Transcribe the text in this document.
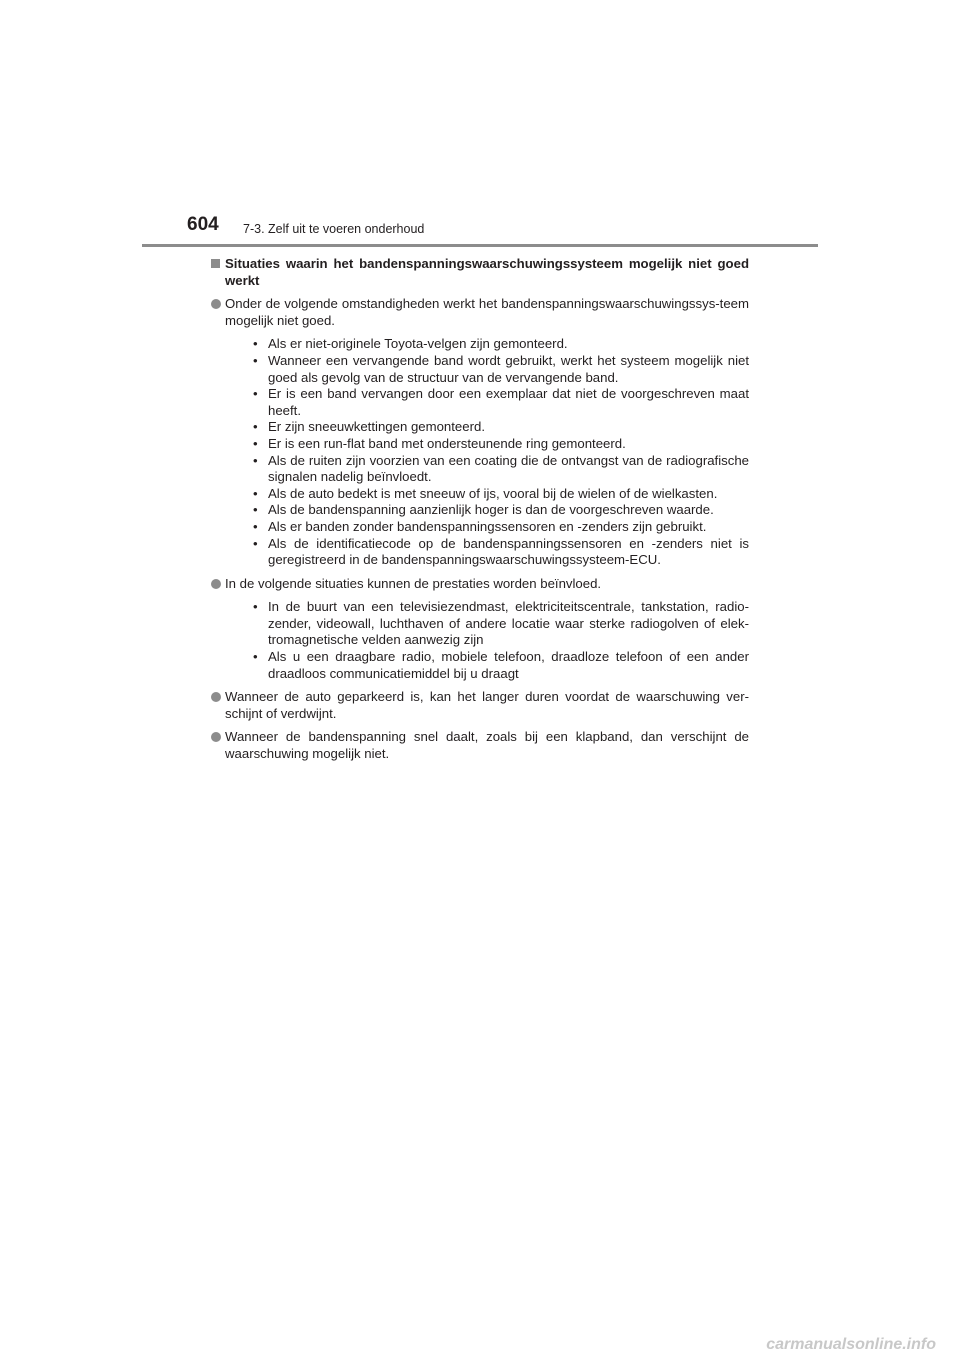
604 7-3. Zelf uit te voeren onderhoud
Situaties waarin het bandenspanningswaarschuwingssysteem mogelijk niet goed werkt
Onder de volgende omstandigheden werkt het bandenspanningswaarschuwingssys-teem mogelijk niet goed.
• Als er niet-originele Toyota-velgen zijn gemonteerd.
• Wanneer een vervangende band wordt gebruikt, werkt het systeem mogelijk niet goed als gevolg van de structuur van de vervangende band.
• Er is een band vervangen door een exemplaar dat niet de voorgeschreven maat heeft.
• Er zijn sneeuwkettingen gemonteerd.
• Er is een run-flat band met ondersteunende ring gemonteerd.
• Als de ruiten zijn voorzien van een coating die de ontvangst van de radiografische signalen nadelig beïnvloedt.
• Als de auto bedekt is met sneeuw of ijs, vooral bij de wielen of de wielkasten.
• Als de bandenspanning aanzienlijk hoger is dan de voorgeschreven waarde.
• Als er banden zonder bandenspanningssensoren en -zenders zijn gebruikt.
• Als de identificatiecode op de bandenspanningssensoren en -zenders niet is geregistreerd in de bandenspanningswaarschuwingssysteem-ECU.
In de volgende situaties kunnen de prestaties worden beïnvloed.
• In de buurt van een televisiezendmast, elektriciteitscentrale, tankstation, radio-zender, videowall, luchthaven of andere locatie waar sterke radiogolven of elek-tromagnetische velden aanwezig zijn
• Als u een draagbare radio, mobiele telefoon, draadloze telefoon of een ander draadloos communicatiemiddel bij u draagt
Wanneer de auto geparkeerd is, kan het langer duren voordat de waarschuwing ver-schijnt of verdwijnt.
Wanneer de bandenspanning snel daalt, zoals bij een klapband, dan verschijnt de waarschuwing mogelijk niet.
carmanualsonline.info
